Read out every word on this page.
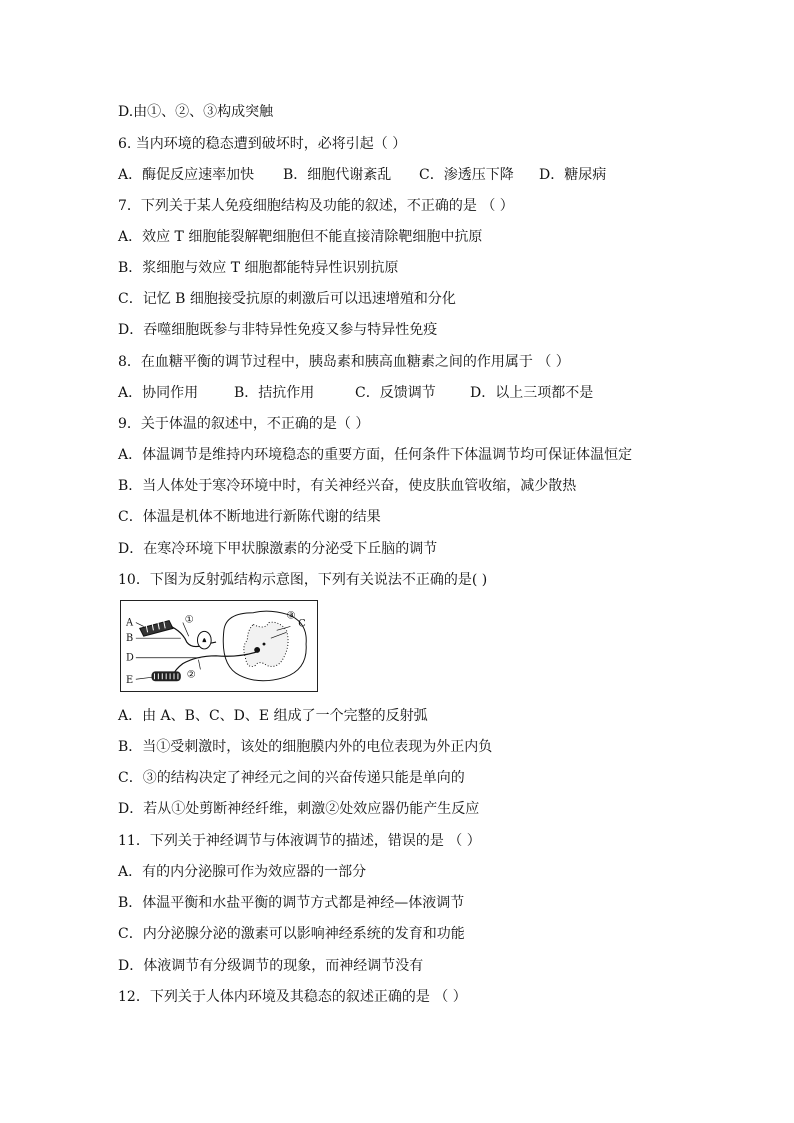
D.由①、②、③构成突触
6. 当内环境的稳态遭到破坏时，必将引起（ ）
A．酶促反应速率加快 B．细胞代谢紊乱 C．渗透压下降 D．糖尿病
7．下列关于某人免疫细胞结构及功能的叙述，不正确的是 （ ）
A．效应 T 细胞能裂解靶细胞但不能直接清除靶细胞中抗原
B．浆细胞与效应 T 细胞都能特异性识别抗原
C．记忆 B 细胞接受抗原的刺激后可以迅速增殖和分化
D．吞噬细胞既参与非特异性免疫又参与特异性免疫
8．在血糖平衡的调节过程中，胰岛素和胰高血糖素之间的作用属于 （ ）
A．协同作用	B．拮抗作用	C．反馈调节 D．以上三项都不是
9．关于体温的叙述中，不正确的是（ ）
A．体温调节是维持内环境稳态的重要方面，任何条件下体温调节均可保证体温恒定
B．当人体处于寒冷环境中时，有关神经兴奋，使皮肤血管收缩，减少散热
C．体温是机体不断地进行新陈代谢的结果
D．在寒冷环境下甲状腺激素的分泌受下丘脑的调节
10．下图为反射弧结构示意图，下列有关说法不正确的是( )
A
B
D
E
C
①
②
③
A．由 A、B、C、D、E 组成了一个完整的反射弧
B．当①受刺激时，该处的细胞膜内外的电位表现为外正内负
C．③的结构决定了神经元之间的兴奋传递只能是单向的
D．若从①处剪断神经纤维，刺激②处效应器仍能产生反应
11．下列关于神经调节与体液调节的描述，错误的是 （ ）
A．有的内分泌腺可作为效应器的一部分
B．体温平衡和水盐平衡的调节方式都是神经—体液调节
C．内分泌腺分泌的激素可以影响神经系统的发育和功能
D．体液调节有分级调节的现象，而神经调节没有
12．下列关于人体内环境及其稳态的叙述正确的是 （ ）
